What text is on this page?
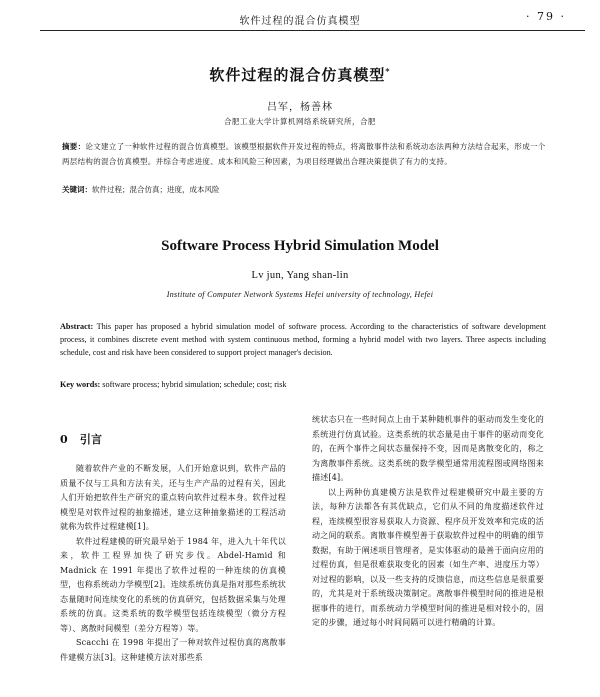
软件过程的混合仿真模型	· 79 ·
软件过程的混合仿真模型*
吕军，杨善林
合肥工业大学计算机网络系统研究所，合肥
摘要：论文建立了一种软件过程的混合仿真模型。该模型根据软件开发过程的特点，将离散事件法和系统动态法两种方法结合起来，形成一个两层结构的混合仿真模型。并综合考虑进度、成本和风险三种因素，为项目经理做出合理决策提供了有力的支持。
关键词：软件过程；混合仿真；进度，成本风险
Software Process Hybrid Simulation Model
Lv jun, Yang shan-lin
Institute of Computer Network Systems Hefei university of technology, Hefei
Abstract: This paper has proposed a hybrid simulation model of software process. According to the characteristics of software development process, it combines discrete event method with system continuous method, forming a hybrid model with two layers. Three aspects including schedule, cost and risk have been considered to support project manager's decision.
Key words: software process; hybrid simulation; schedule; cost; risk
0 引言

随着软件产业的不断发展，人们开始意识到，软件产品的质量不仅与工具和方法有关，还与生产产品的过程有关，因此人们开始把软件生产研究的重点转向软件过程本身。软件过程模型是对软件过程的抽象描述，建立这种抽象描述的工程活动就称为软件过程建模[1]。

软件过程建模的研究最早始于 1984 年，进入九十年代以来，软件工程界加快了研究步伐。Abdel-Hamid 和 Madnick 在 1991 年提出了软件过程的一种连续的仿真模型，也称系统动力学模型[2]。连续系统仿真是指对那些系统状态量随时间连续变化的系统的仿真研究，包括数据采集与处理系统的仿真。这类系统的数学模型包括连续模型（微分方程等）、离散时间模型（差分方程等）等。

Scacchi 在 1998 年提出了一种对软件过程仿真的离散事件建模方法[3]。这种建模方法对那些系

统状态只在一些时间点上由于某种随机事件的驱动而发生变化的系统进行仿真试验。这类系统的状态量是由于事件的驱动而变化的，在两个事件之间状态量保持不变，因而是离散变化的，称之为离散事件系统。这类系统的数学模型通常用流程图或网络图来描述[4]。

以上两种仿真建模方法是软件过程建模研究中最主要的方法，每种方法都各有其优缺点，它们从不同的角度描述软件过程，连续模型很容易获取人力资源、程序员开发效率和完成的活动之间的联系。离散事件模型善于获取软件过程中的明确的细节数据，有助于阐述项目管理者，是实体驱动的最善于面向应用的过程仿真，但是很难获取变化的因素（如生产率、进度压力等）对过程的影响，以及一些支持的反馈信息，而这些信息是很重要的，尤其是对于系统级决策制定。离散事件模型时间的推进是根据事件的进行，而系统动力学模型时间的推进是相对较小的，固定的步骤，通过每小时间间隔可以进行精确的计算。
